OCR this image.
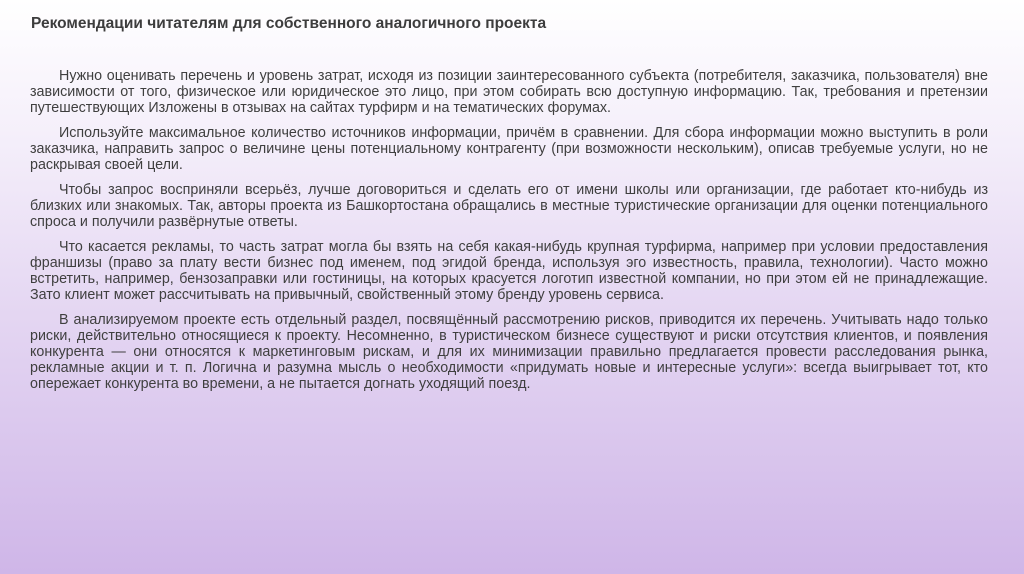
Рекомендации читателям для собственного аналогичного проекта

Нужно оценивать перечень и уровень затрат, исходя из позиции заинтересованного субъекта (потребителя, заказчика, пользователя) вне зависимости от того, физическое или юридическое это лицо, при этом собирать всю доступную информацию. Так, требования и претензии путешествующих Изложены в отзывах на сайтах турфирм и на тематических форумах.

Используйте максимальное количество источников информации, причём в сравнении. Для сбора информации можно выступить в роли заказчика, направить запрос о величине цены потенциальному контрагенту (при возможности нескольким), описав требуемые услуги, но не раскрывая своей цели.

Чтобы запрос восприняли всерьёз, лучше договориться и сделать его от имени школы или организации, где работает кто-нибудь из близких или знакомых. Так, авторы проекта из Башкортостана обращались в местные туристические организации для оценки потенциального спроса и получили развёрнутые ответы.

Что касается рекламы, то часть затрат могла бы взять на себя какая-нибудь крупная турфирма, например при условии предоставления франшизы (право за плату вести бизнес под именем, под эгидой бренда, используя эго известность, правила, технологии). Часто можно встретить, например, бензозаправки или гостиницы, на которых красуется логотип известной компании, но при этом ей не принадлежащие. Зато клиент может рассчитывать на привычный, свойственный этому бренду уровень сервиса.

В анализируемом проекте есть отдельный раздел, посвящённый рассмотрению рисков, приводится их перечень. Учитывать надо только риски, действительно относящиеся к проекту. Несомненно, в туристическом бизнесе существуют и риски отсутствия клиентов, и появления конкурента — они относятся к маркетинговым рискам, и для их минимизации правильно предлагается провести расследования рынка, рекламные акции и т. п. Логична и разумна мысль о необходимости «придумать новые и интересные услуги»: всегда выигрывает тот, кто опережает конкурента во времени, а не пытается догнать уходящий поезд.
